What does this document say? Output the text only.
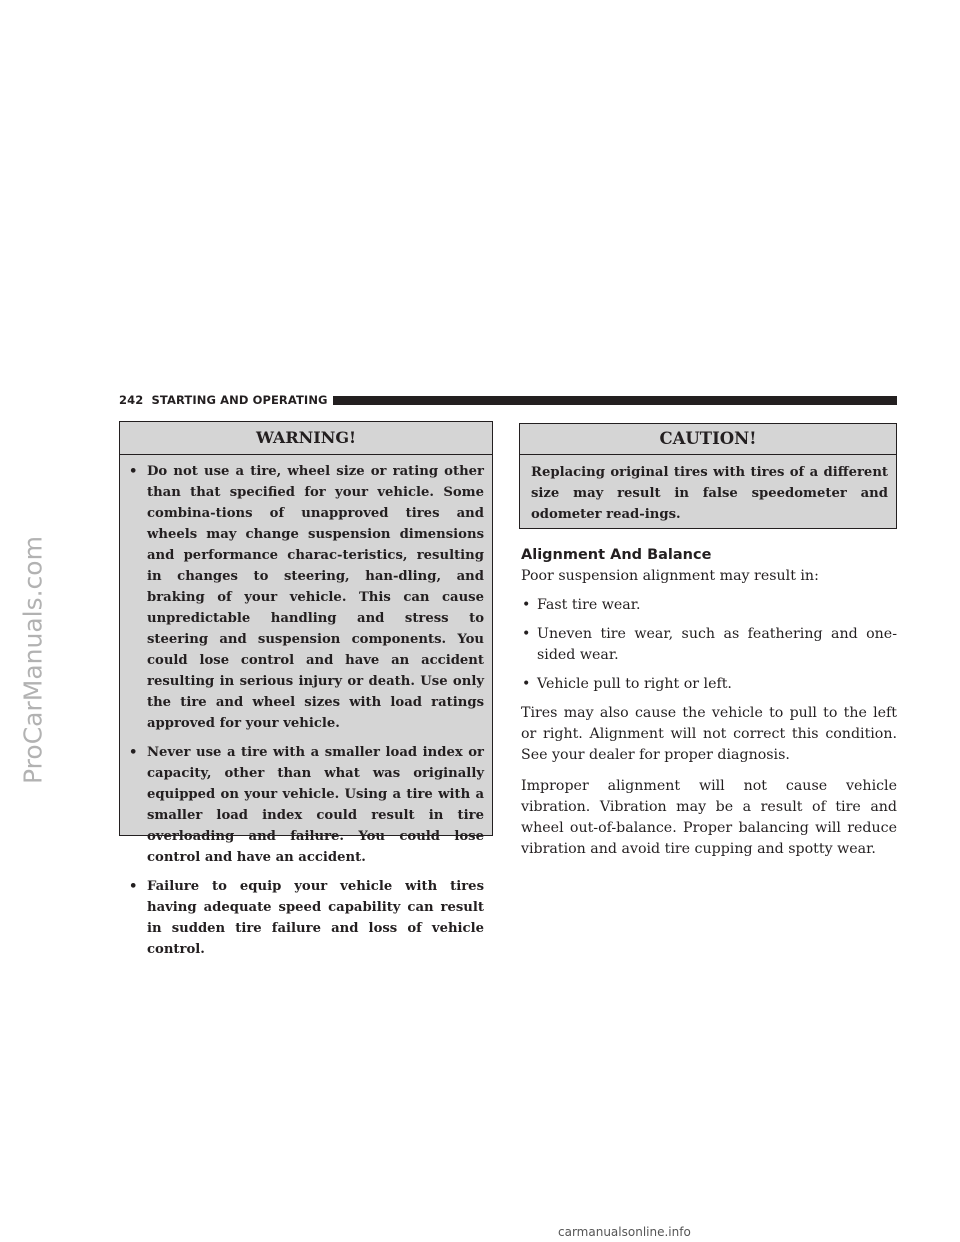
ProCarManuals.com
242 STARTING AND OPERATING
WARNING!
• Do not use a tire, wheel size or rating other than that specified for your vehicle. Some combina-tions of unapproved tires and wheels may change suspension dimensions and performance charac-teristics, resulting in changes to steering, han-dling, and braking of your vehicle. This can cause unpredictable handling and stress to steering and suspension components. You could lose control and have an accident resulting in serious injury or death. Use only the tire and wheel sizes with load ratings approved for your vehicle.
• Never use a tire with a smaller load index or capacity, other than what was originally equipped on your vehicle. Using a tire with a smaller load index could result in tire overloading and failure. You could lose control and have an accident.
• Failure to equip your vehicle with tires having adequate speed capability can result in sudden tire failure and loss of vehicle control.
CAUTION!
Replacing original tires with tires of a different size may result in false speedometer and odometer read-ings.
Alignment And Balance

Poor suspension alignment may result in:

• Fast tire wear.
• Uneven tire wear, such as feathering and one-sided wear.
• Vehicle pull to right or left.

Tires may also cause the vehicle to pull to the left or right. Alignment will not correct this condition. See your dealer for proper diagnosis.

Improper alignment will not cause vehicle vibration. Vibration may be a result of tire and wheel out-of-balance. Proper balancing will reduce vibration and avoid tire cupping and spotty wear.

carmanualsonline.info
